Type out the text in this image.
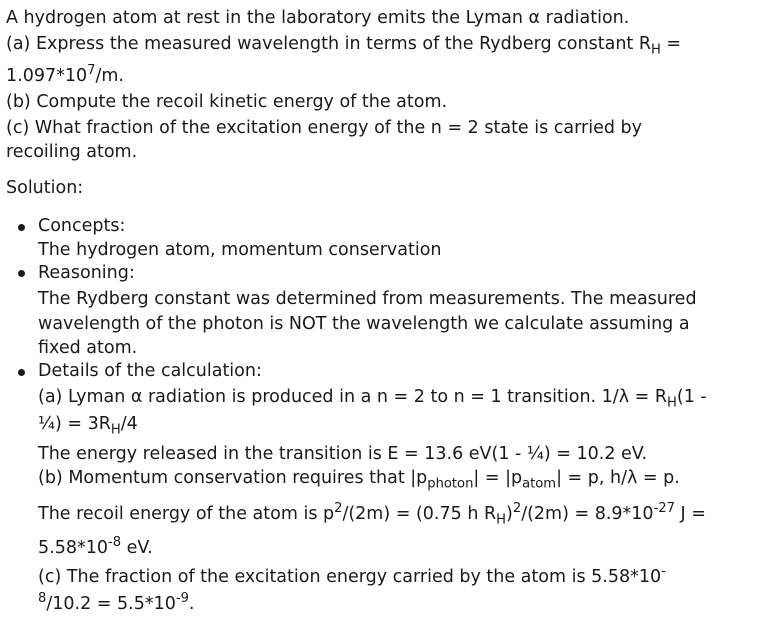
A hydrogen atom at rest in the laboratory emits the Lyman α radiation.
(a) Express the measured wavelength in terms of the Rydberg constant $R_H$ =
$1.097*10^7/m$.
(b) Compute the recoil kinetic energy of the atom.
(c) What fraction of the excitation energy of the n = 2 state is carried by
recoiling atom.
Solution:
Concepts:
The hydrogen atom, momentum conservation
Reasoning:
The Rydberg constant was determined from measurements. The measured
wavelength of the photon is NOT the wavelength we calculate assuming a
fixed atom.
Details of the calculation:
(a) Lyman α radiation is produced in a n = 2 to n = 1 transition. $1/\lambda = R_H(1$ -
¼) = $3R_H/4$
The energy released in the transition is E = 13.6 eV(1 - ¼) = 10.2 eV.
(b) Momentum conservation requires that $|p_{photon}| = |p_{atom}| = p$, h/λ = p.
The recoil energy of the atom is $p^2/(2m) = (0.75$ h $R_H)^2/(2m) = 8.9*10^{-27}$ J =
$5.58*10^{-8}$ eV.
(c) The fraction of the excitation energy carried by the atom is 5.58*10-
$^8/10.2 = 5.5*10^{-9}$.
